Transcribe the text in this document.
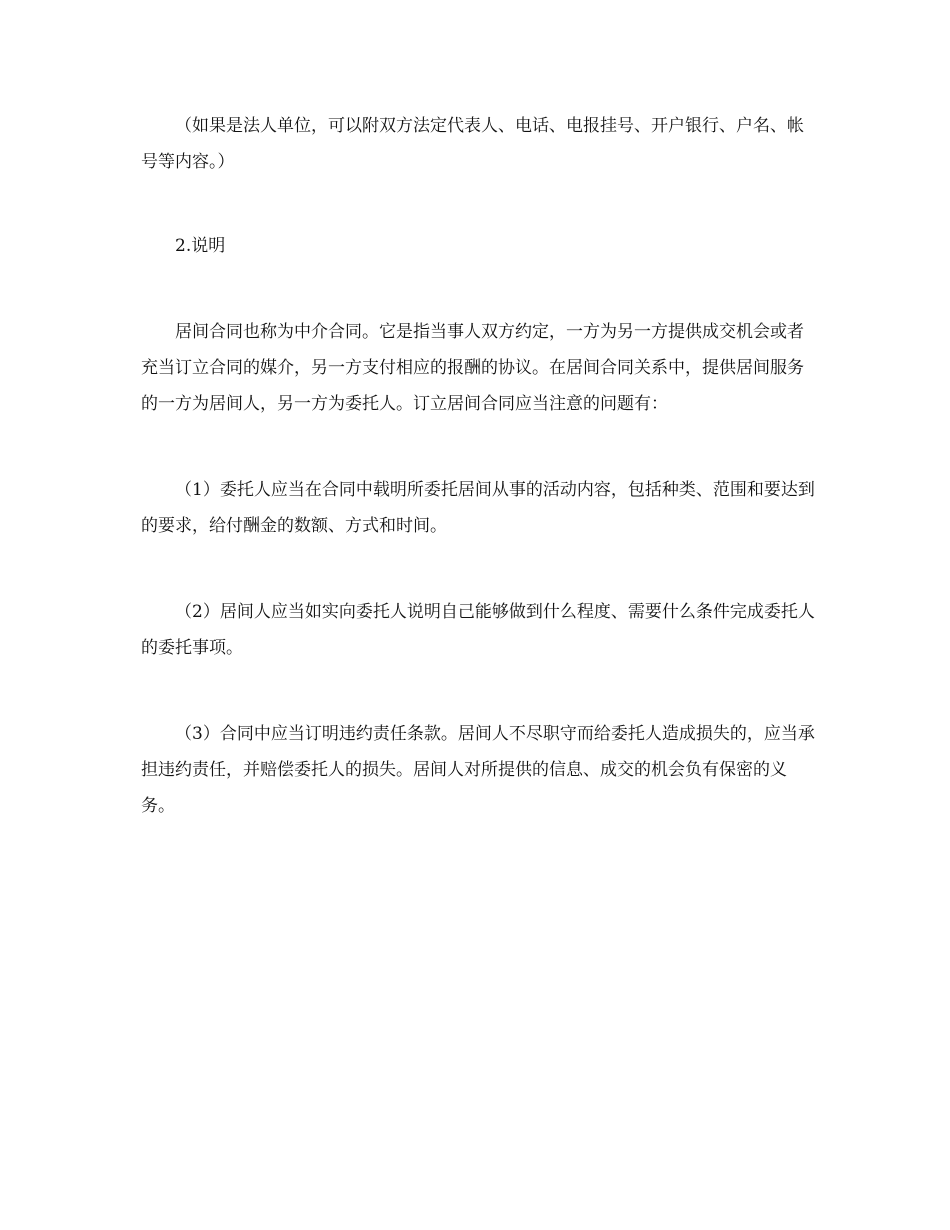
（如果是法人单位，可以附双方法定代表人、电话、电报挂号、开户银行、户名、帐号等内容。）

2.说明

居间合同也称为中介合同。它是指当事人双方约定，一方为另一方提供成交机会或者充当订立合同的媒介，另一方支付相应的报酬的协议。在居间合同关系中，提供居间服务的一方为居间人，另一方为委托人。订立居间合同应当注意的问题有：

（1）委托人应当在合同中载明所委托居间从事的活动内容，包括种类、范围和要达到的要求，给付酬金的数额、方式和时间。

（2）居间人应当如实向委托人说明自己能够做到什么程度、需要什么条件完成委托人的委托事项。

（3）合同中应当订明违约责任条款。居间人不尽职守而给委托人造成损失的，应当承担违约责任，并赔偿委托人的损失。居间人对所提供的信息、成交的机会负有保密的义务。
